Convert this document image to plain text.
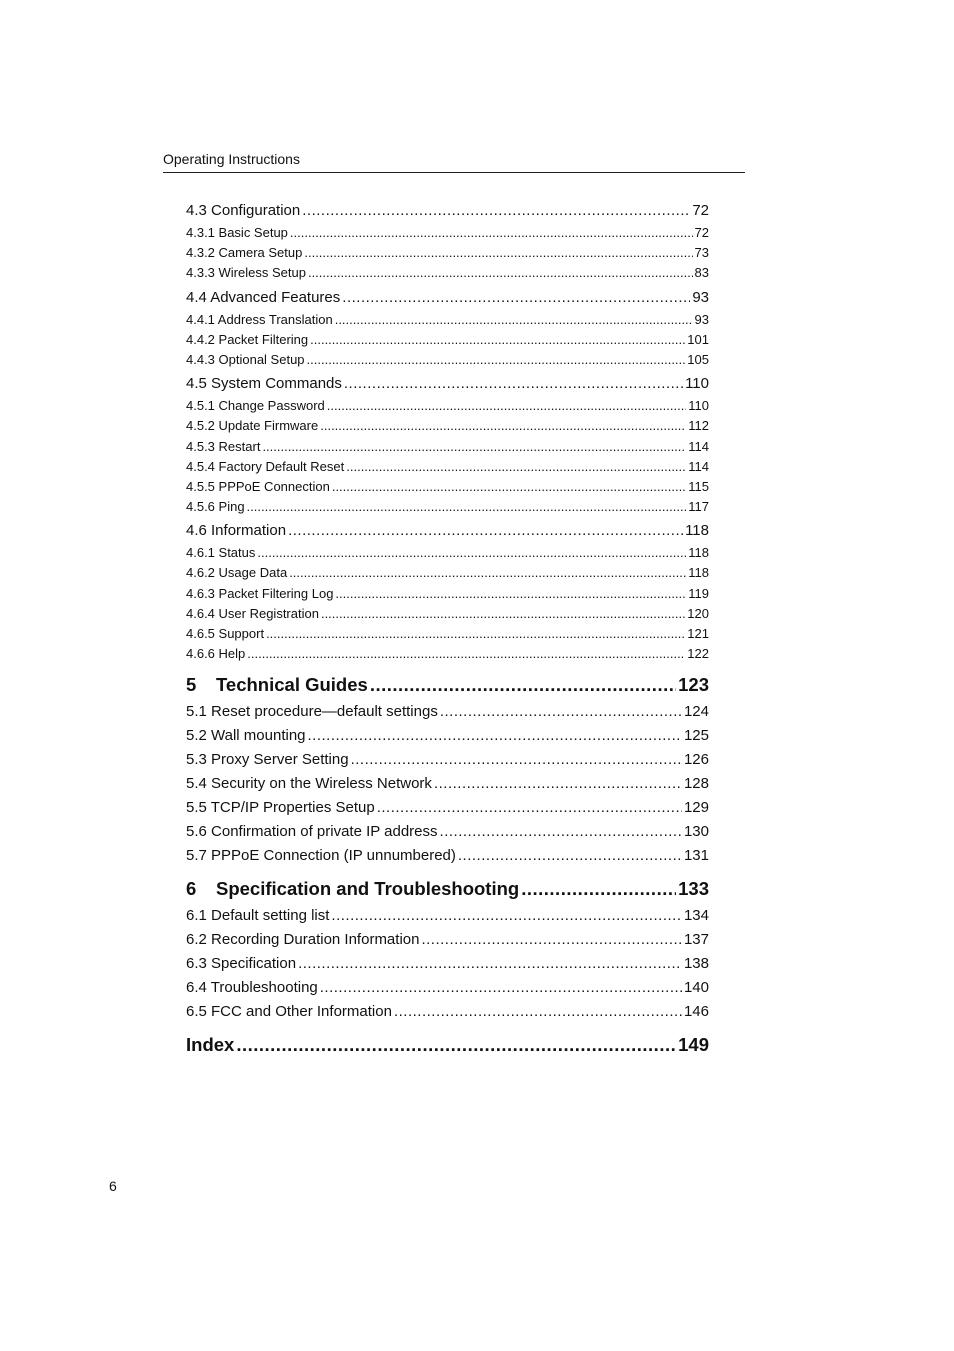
Operating Instructions
4.3 Configuration .....	72
4.3.1 Basic Setup .....	72
4.3.2 Camera Setup .....	73
4.3.3 Wireless Setup .....	83
4.4 Advanced Features .....	93
4.4.1 Address Translation .....	93
4.4.2 Packet Filtering .....	101
4.4.3 Optional Setup .....	105
4.5 System Commands .....	110
4.5.1 Change Password .....	110
4.5.2 Update Firmware .....	112
4.5.3 Restart .....	114
4.5.4 Factory Default Reset .....	114
4.5.5 PPPoE Connection .....	115
4.5.6 Ping .....	117
4.6 Information .....	118
4.6.1 Status .....	118
4.6.2 Usage Data .....	118
4.6.3 Packet Filtering Log .....	119
4.6.4 User Registration .....	120
4.6.5 Support .....	121
4.6.6 Help .....	122
5 Technical Guides .....	123
5.1 Reset procedure—default settings .....	124
5.2 Wall mounting .....	125
5.3 Proxy Server Setting .....	126
5.4 Security on the Wireless Network .....	128
5.5 TCP/IP Properties Setup .....	129
5.6 Confirmation of private IP address .....	130
5.7 PPPoE Connection (IP unnumbered) .....	131
6 Specification and Troubleshooting .....	133
6.1 Default setting list .....	134
6.2 Recording Duration Information .....	137
6.3 Specification .....	138
6.4 Troubleshooting .....	140
6.5 FCC and Other Information .....	146
Index .....	149
6
